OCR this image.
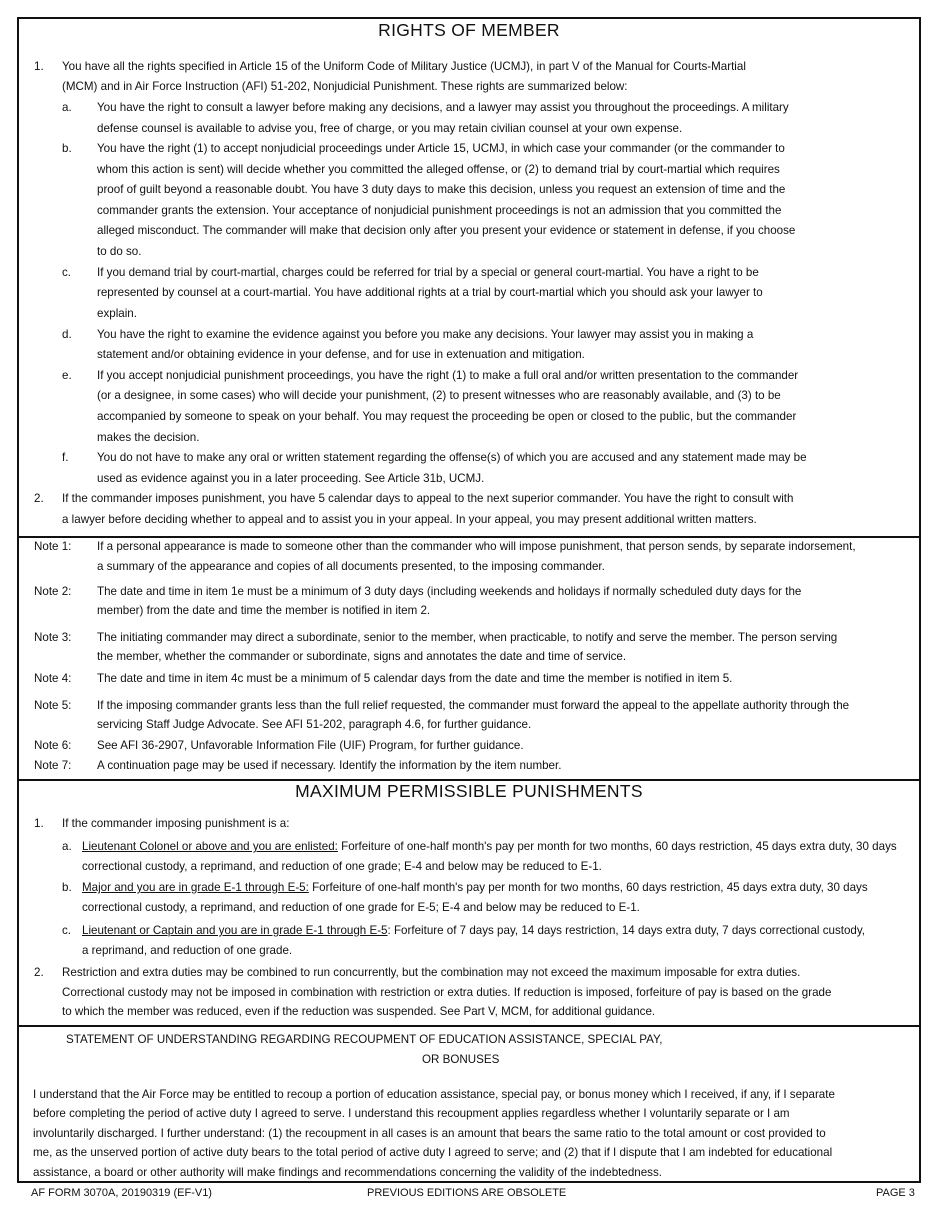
RIGHTS OF MEMBER
1. You have all the rights specified in Article 15 of the Uniform Code of Military Justice (UCMJ), in part V of the Manual for Courts-Martial
(MCM) and in Air Force Instruction (AFI) 51-202, Nonjudicial Punishment. These rights are summarized below:
a. You have the right to consult a lawyer before making any decisions, and a lawyer may assist you throughout the proceedings. A military
defense counsel is available to advise you, free of charge, or you may retain civilian counsel at your own expense.
b. You have the right (1) to accept nonjudicial proceedings under Article 15, UCMJ, in which case your commander (or the commander to
whom this action is sent) will decide whether you committed the alleged offense, or (2) to demand trial by court-martial which requires
proof of guilt beyond a reasonable doubt. You have 3 duty days to make this decision, unless you request an extension of time and the
commander grants the extension. Your acceptance of nonjudicial punishment proceedings is not an admission that you committed the
alleged misconduct. The commander will make that decision only after you present your evidence or statement in defense, if you choose
to do so.
c. If you demand trial by court-martial, charges could be referred for trial by a special or general court-martial. You have a right to be
represented by counsel at a court-martial. You have additional rights at a trial by court-martial which you should ask your lawyer to
explain.
d. You have the right to examine the evidence against you before you make any decisions. Your lawyer may assist you in making a
statement and/or obtaining evidence in your defense, and for use in extenuation and mitigation.
e. If you accept nonjudicial punishment proceedings, you have the right (1) to make a full oral and/or written presentation to the commander
(or a designee, in some cases) who will decide your punishment, (2) to present witnesses who are reasonably available, and (3) to be
accompanied by someone to speak on your behalf. You may request the proceeding be open or closed to the public, but the commander
makes the decision.
f. You do not have to make any oral or written statement regarding the offense(s) of which you are accused and any statement made may be
used as evidence against you in a later proceeding. See Article 31b, UCMJ.
2. If the commander imposes punishment, you have 5 calendar days to appeal to the next superior commander. You have the right to consult with
a lawyer before deciding whether to appeal and to assist you in your appeal. In your appeal, you may present additional written matters.
Note 1: If a personal appearance is made to someone other than the commander who will impose punishment, that person sends, by separate indorsement,
a summary of the appearance and copies of all documents presented, to the imposing commander.
Note 2: The date and time in item 1e must be a minimum of 3 duty days (including weekends and holidays if normally scheduled duty days for the
member) from the date and time the member is notified in item 2.
Note 3: The initiating commander may direct a subordinate, senior to the member, when practicable, to notify and serve the member. The person serving
the member, whether the commander or subordinate, signs and annotates the date and time of service.
Note 4: The date and time in item 4c must be a minimum of 5 calendar days from the date and time the member is notified in item 5.
Note 5: If the imposing commander grants less than the full relief requested, the commander must forward the appeal to the appellate authority through the
servicing Staff Judge Advocate. See AFI 51-202, paragraph 4.6, for further guidance.
Note 6: See AFI 36-2907, Unfavorable Information File (UIF) Program, for further guidance.
Note 7: A continuation page may be used if necessary. Identify the information by the item number.
MAXIMUM PERMISSIBLE PUNISHMENTS
1. If the commander imposing punishment is a:
a. Lieutenant Colonel or above and you are enlisted: Forfeiture of one-half month's pay per month for two months, 60 days restriction, 45 days extra duty, 30 days
correctional custody, a reprimand, and reduction of one grade; E-4 and below may be reduced to E-1.
b. Major and you are in grade E-1 through E-5: Forfeiture of one-half month's pay per month for two months, 60 days restriction, 45 days extra duty, 30 days
correctional custody, a reprimand, and reduction of one grade for E-5; E-4 and below may be reduced to E-1.
c. Lieutenant or Captain and you are in grade E-1 through E-5: Forfeiture of 7 days pay, 14 days restriction, 14 days extra duty, 7 days correctional custody,
a reprimand, and reduction of one grade.
2. Restriction and extra duties may be combined to run concurrently, but the combination may not exceed the maximum imposable for extra duties.
Correctional custody may not be imposed in combination with restriction or extra duties. If reduction is imposed, forfeiture of pay is based on the grade
to which the member was reduced, even if the reduction was suspended. See Part V, MCM, for additional guidance.
STATEMENT OF UNDERSTANDING REGARDING RECOUPMENT OF EDUCATION ASSISTANCE, SPECIAL PAY,
OR BONUSES
I understand that the Air Force may be entitled to recoup a portion of education assistance, special pay, or bonus money which I received, if any, if I separate
before completing the period of active duty I agreed to serve. I understand this recoupment applies regardless whether I voluntarily separate or I am
involuntarily discharged. I further understand: (1) the recoupment in all cases is an amount that bears the same ratio to the total amount or cost provided to
me, as the unserved portion of active duty bears to the total period of active duty I agreed to serve; and (2) that if I dispute that I am indebted for educational
assistance, a board or other authority will make findings and recommendations concerning the validity of the indebtedness.
AF FORM 3070A, 20190319 (EF-V1)	PREVIOUS EDITIONS ARE OBSOLETE	PAGE 3
